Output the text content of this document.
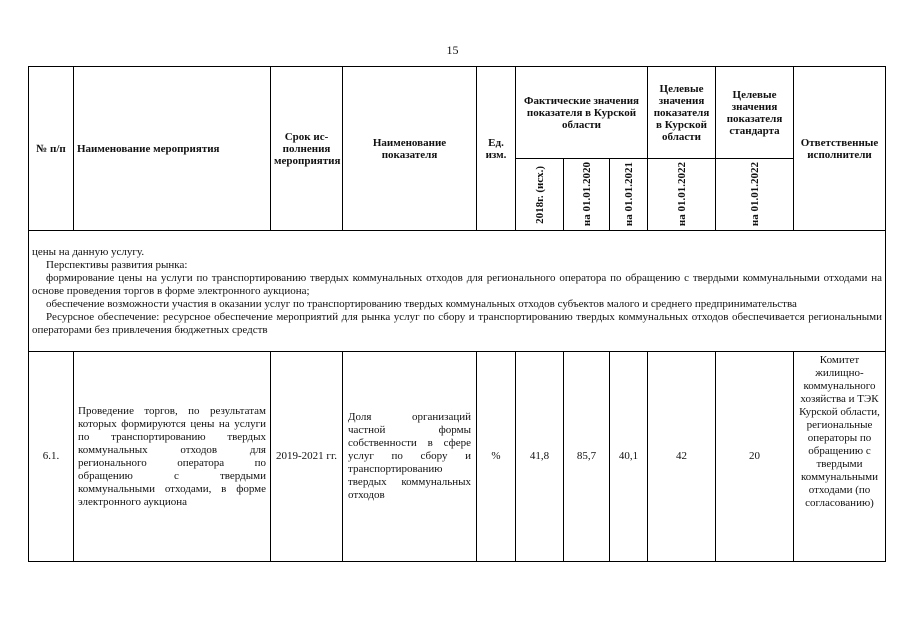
15
№ п/п	Наименование мероприятия	Срок ис-полнения мероприятия	Наименование показателя	Ед. изм.	Фактические значения показателя в Курской области			Целевые значения показателя в Курской области	Целевые значения показателя стандарта	Ответственные исполнители

					2018г. (исх.)	на 01.01.2020	на 01.01.2021	на 01.01.2022	на 01.01.2022	

цены на данную услугу.

Перспективы развития рынка:

формирование цены на услуги по транспортированию твердых коммунальных отходов для регионального оператора по обращению с твердыми коммунальными отходами на основе проведения торгов в форме электронного аукциона;

обеспечение возможности участия в оказании услуг по транспортированию твердых коммунальных отходов субъектов малого и среднего предпринимательства

Ресурсное обеспечение: ресурсное обеспечение мероприятий для рынка услуг по сбору и транспортированию твердых коммунальных отходов обеспечивается региональными операторами без привлечения бюджетных средств										

6.1.	Проведение торгов, по результатам которых формируются цены на услуги по транспортированию твердых коммунальных отходов для регионального оператора по обращению с твердыми коммунальными отходами, в форме электронного аукциона	2019-2021 гг.	Доля организаций частной формы собственности в сфере услуг по сбору и транспортированию твердых коммунальных отходов	%	41,8	85,7	40,1	42	20	Комитет жилищно-коммунального хозяйства и ТЭК Курской области, региональные операторы по обращению с твердыми коммунальными отходами (по согласованию)
